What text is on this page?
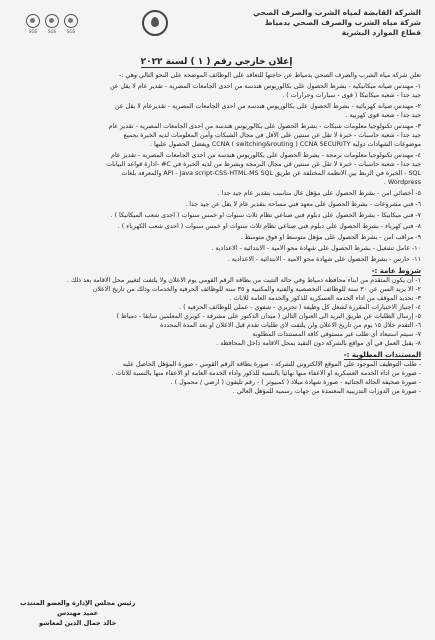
الشركة القابضة لمياه الشرب والصرف الصحي
شركة مياه الشرب والصرف الصحي بدمياط
قطاع الموارد البشرية
SGS	SGS	SGS
إعلان خارجي رقم ( ١ ) لسنة ٢٠٢٢

تعلن شركة مياه الشرب والصرف الصحي بدمياط عن حاجتها للتعاقد على الوظائف الموضحة على النحو التالي وهي :-

١- مهندس صيانة ميكانيكية - بشرط الحصول على بكالوريوس هندسة من احدى الجامعات المصرية - تقدير عام لا يقل عن
جيد جدا - شعبة ميكانيكا ( قوى - سيارات وجرارات ) .
٢- مهندس صيانة كهربائية - بشرط الحصول على بكالوريوس هندسة من احدى الجامعات المصرية - تقديرعام لا يقل عن
جيد جدا - شعبة قوى كهربية .
٣- مهندس تكنولوجيا معلومات شبكات - بشرط الحصول على بكالوريوس هندسة من احدى الجامعات المصرية - تقدير عام
جيد جدا - شعبة حاسبات - خبرة لا تقل عن سنتين على الأقل في مجال الشبكات وأمن المعلومات لديه الخبرة بجميع
موضوعات الشهادات دولية CCNA ( switching&routing ) CCNA SECURITY ويفضل الحصول عليها .
٤- مهندس تكنولوجيا معلومات برمجة - بشرط الحصول على بكالوريوس هندسة من احدى الجامعات المصرية - تقدير عام
جيد جدا - شعبة حاسبات - خبرة لا تقل عن سنتين في مجال البرمجة وبشرط من لديه الخبرة في C# -ادارة قواعد البيانات
SQL - الخبرة في الربط بين الانظمة المختلفة عن طريق API - Java script-CSS-HTML-MS SQL والمعرفة بلغات
Wordpress .
٥- أخصائي امن - بشرط الحصول على مؤهل عال مناسب بتقدير عام جيد جدا .
٦- فني مشروعات - بشرط الحصول على معهد فني مساحة بتقدير عام لا يقل عن جيد جدا .
٧- فني ميكانيكا - بشرط الحصول على دبلوم فني صناعي نظام ثلاث سنوات او خمس سنوات ( احدى شعب الميكانيكا ) .
٨- فني كهرباء - بشرط الحصول على دبلوم فني صناعي نظام ثلاث سنوات او خمس سنوات ( احدى شعب الكهرباء ) .
٩- مراقب امن - بشرط الحصول على مؤهل متوسط او فوق متوسط .
١٠- عامل تشغيل - بشرط الحصول على شهادة محو الامية - الابتدائية - الاعدادية .
١١- حارس - بشرط الحصول على شهادة محو الامية - الابتدائية - الاعدادية .
شروط عامة :-
١- أن يكون المتقدم من ابناء محافظة دمياط وفي حالة التثبت من بطاقة الرقم القومي يوم الاعلان ولا يلتفت لتغيير محل الاقامة بعد ذلك .
٢- الا يزيد السن عن ٣٠ سنة للوظائف التخصصية والفنية والمكتبية و ٣٥ سنة للوظائف الحرفية والخدمات وذلك من تاريخ الاعلان
٣- تحديد الموقف من اداء الخدمة العسكرية للذكور والخدمة العامة للاناث .
٤- اجتياز الاختبارات المقررة لشغل كل وظيفة ( تحريري - شفوي - عملي للوظائف الحرفية ) .
٥- إرسال الطلبات عن طريق البريد الى العنوان التالي ( ميدان الدكتور على مشرفة - كوبري المعلمين سابقا - دمياط )
٦- التقدم خلال ١٥ يوم من تاريخ الاعلان ولن يلتفت لاي طلبات تقدم قبل الاعلان او بعد المدة المحددة
٧- سيتم استبعاد أي طلب غير مستوفي كافة المستندات المطلوبة
٨- يقبل العمل في أي مواقع بالشركة دون التقيد بمحل الاقامة داخل المحافظة .
المستندات المطلوبة :-
- طلب التوظيف الموجود على الموقع الالكتروني للشركة - صورة بطاقة الرقم القومي - صورة المؤهل الحاصل عليه
- صورة من اداء الخدمة العسكرية او الاعفاء منها نهائيا بالنسبة للذكور واداء الخدمة العامة او الاعفاء منها بالنسبة للاناث .
- صورة صحيفة الحالة الجنائية - صورة شهادة ميلاد ( كمبيوتر ) - رقم تليفون ( ارضي / محمول ) .
- صورة من الدورات التدريبية المعتمدة من جهات رسمية للمؤهل العالي .
رئيس مجلس الإدارة والعضو المنتدب
عميد مهندس
خالد جمال الدين لمعاشو
